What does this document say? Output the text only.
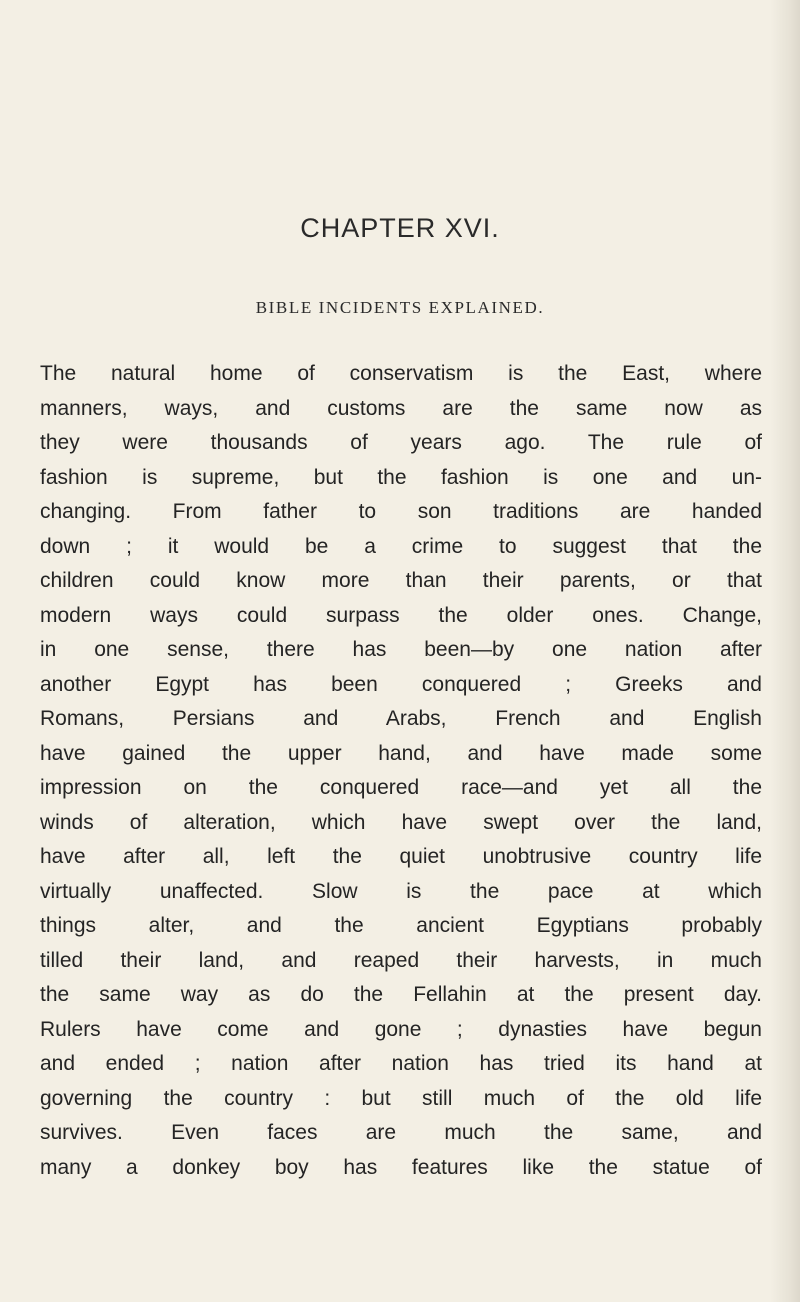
CHAPTER XVI.
BIBLE INCIDENTS EXPLAINED.
The natural home of conservatism is the East, where
manners, ways, and customs are the same now as
they were thousands of years ago. The rule of
fashion is supreme, but the fashion is one and un-
changing. From father to son traditions are handed
down ; it would be a crime to suggest that the
children could know more than their parents, or that
modern ways could surpass the older ones. Change,
in one sense, there has been—by one nation after
another Egypt has been conquered ; Greeks and
Romans, Persians and Arabs, French and English
have gained the upper hand, and have made some
impression on the conquered race—and yet all the
winds of alteration, which have swept over the land,
have after all, left the quiet unobtrusive country life
virtually unaffected. Slow is the pace at which
things alter, and the ancient Egyptians probably
tilled their land, and reaped their harvests, in much
the same way as do the Fellahin at the present day.
Rulers have come and gone ; dynasties have begun
and ended ; nation after nation has tried its hand at
governing the country : but still much of the old life
survives. Even faces are much the same, and
many a donkey boy has features like the statue of
